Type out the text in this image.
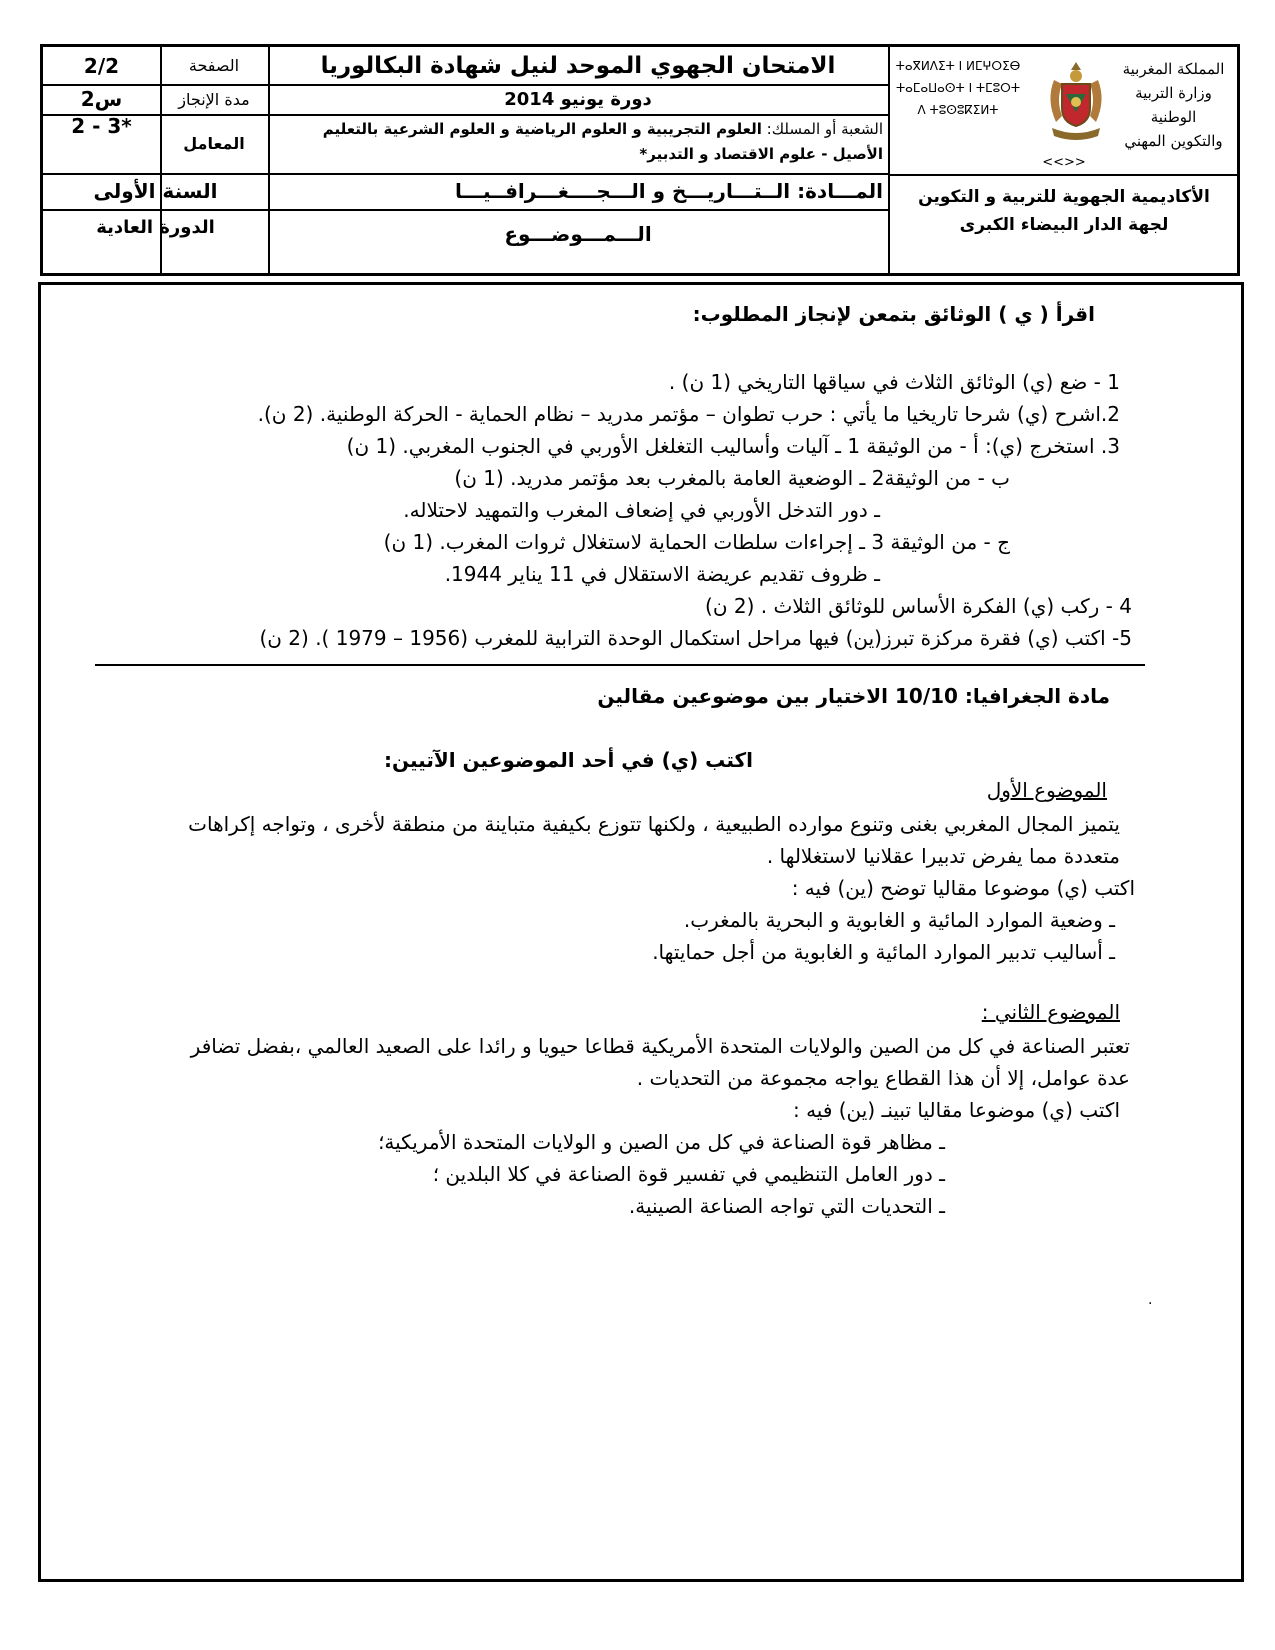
2/2
2س
2 - 3*
الصفحة
مدة الإنجاز
المعامل
السنة الأولى
الدورة العادية
الامتحان الجهوي الموحد لنيل شهادة البكالوريا
دورة يونيو 2014
الشعبة أو المسلك: العلوم التجريبية و العلوم الرياضية و العلوم الشرعية بالتعليم
الأصيل - علوم الاقتصاد و التدبير*
المـــادة: الــتـــاريـــخ و الـــجــــغـــرافــيـــا
الـــمـــوضـــوع
ⵜⴰⴳⵍⴷⵉⵜ ⵏ ⵍⵎⵖⵔⵉⴱ
ⵜⴰⵎⴰⵡⴰⵙⵜ ⵏ ⵜⵎⵓⵔⵜ
ⴷ ⵜⵓⵙⵓⴽⵉⵍⵜ
المملكة المغربية
وزارة التربية الوطنية
والتكوين المهني
<<>>
الأكاديمية الجهوية للتربية و التكوين
لجهة الدار البيضاء الكبرى
اقرأ ( ي ) الوثائق بتمعن لإنجاز المطلوب:
1 - ضع (ي) الوثائق الثلاث في سياقها التاريخي (1 ن) .
2.اشرح (ي) شرحا تاريخيا ما يأتي : حرب تطوان – مؤتمر مدريد – نظام الحماية - الحركة الوطنية. (2 ن).
3. استخرج (ي): أ - من الوثيقة 1 ـ آليات وأساليب التغلغل الأوربي في الجنوب المغربي. (1 ن)
ب - من الوثيقة2 ـ الوضعية العامة بالمغرب بعد مؤتمر مدريد. (1 ن)
ـ دور التدخل الأوربي في إضعاف المغرب والتمهيد لاحتلاله.
ج - من الوثيقة 3 ـ إجراءات سلطات الحماية لاستغلال ثروات المغرب. (1 ن)
ـ ظروف تقديم عريضة الاستقلال في 11 يناير 1944.
4 - ركب (ي) الفكرة الأساس للوثائق الثلاث . (2 ن)
5- اكتب (ي) فقرة مركزة تبرز(ين) فيها مراحل استكمال الوحدة الترابية للمغرب (1956 – 1979 ). (2 ن)
مادة الجغرافيا: 10/10 الاختيار بين موضوعين مقالين
اكتب (ي) في أحد الموضوعين الآتيين:
الموضوع الأول
يتميز المجال المغربي بغنى وتنوع موارده الطبيعية ، ولكنها تتوزع بكيفية متباينة من منطقة لأخرى ، وتواجه إكراهات
متعددة مما يفرض تدبيرا عقلانيا لاستغلالها .
اكتب (ي) موضوعا مقاليا توضح (ين) فيه :
ـ وضعية الموارد المائية و الغابوية و البحرية بالمغرب.
ـ أساليب تدبير الموارد المائية و الغابوية من أجل حمايتها.
الموضوع الثاني :
تعتبر الصناعة في كل من الصين والولايات المتحدة الأمريكية قطاعا حيويا و رائدا على الصعيد العالمي ،بفضل تضافر
عدة عوامل، إلا أن هذا القطاع يواجه مجموعة من التحديات .
اكتب (ي) موضوعا مقاليا تبينـ (ين) فيه :
ـ مظاهر قوة الصناعة في كل من الصين و الولايات المتحدة الأمريكية؛
ـ دور العامل التنظيمي في تفسير قوة الصناعة في كلا البلدين ؛
ـ التحديات التي تواجه الصناعة الصينية.
.
